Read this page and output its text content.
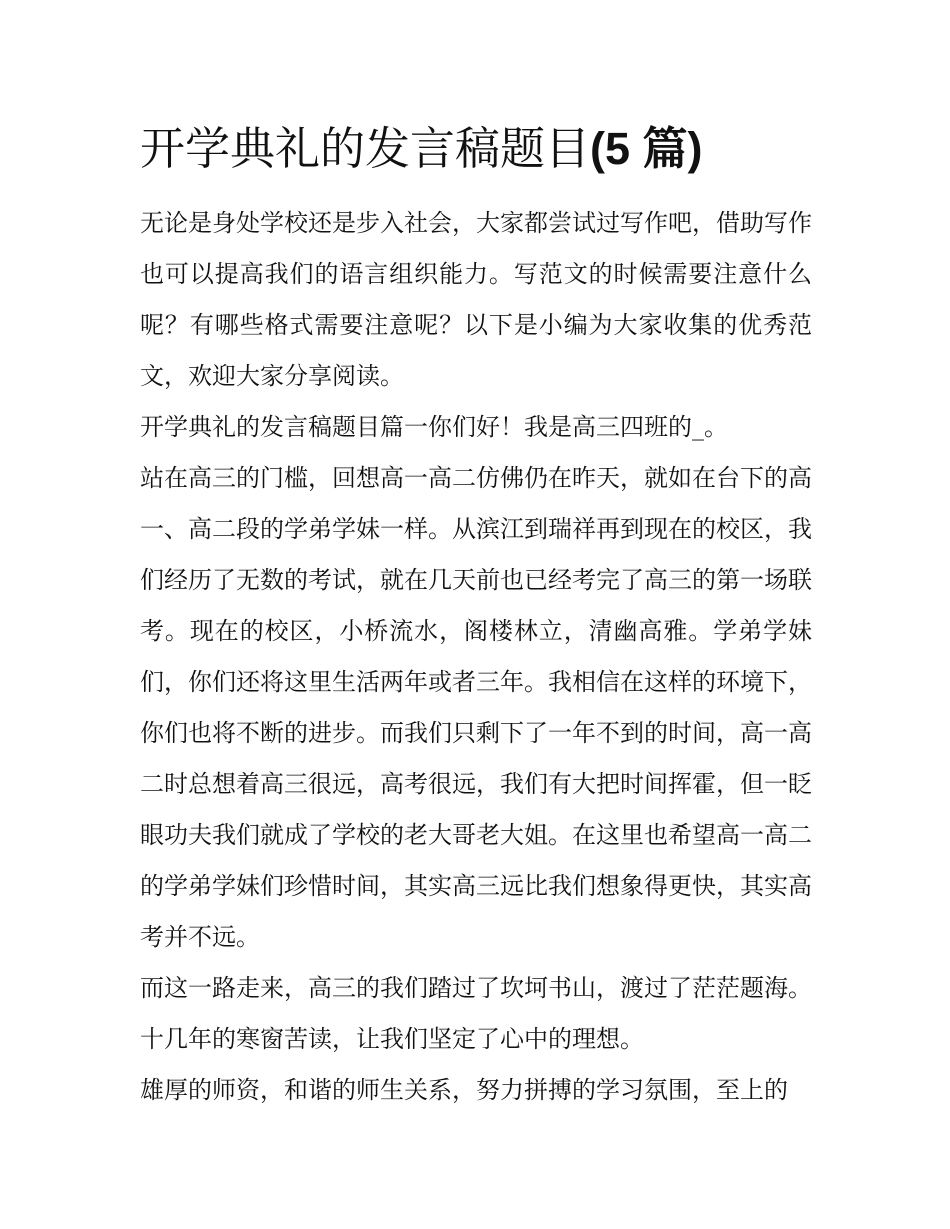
开学典礼的发言稿题目(5 篇)

无论是身处学校还是步入社会，大家都尝试过写作吧，借助写作也可以提高我们的语言组织能力。写范文的时候需要注意什么呢？有哪些格式需要注意呢？以下是小编为大家收集的优秀范文，欢迎大家分享阅读。

开学典礼的发言稿题目篇一你们好！我是高三四班的_。

站在高三的门槛，回想高一高二仿佛仍在昨天，就如在台下的高一、高二段的学弟学妹一样。从滨江到瑞祥再到现在的校区，我们经历了无数的考试，就在几天前也已经考完了高三的第一场联考。现在的校区，小桥流水，阁楼林立，清幽高雅。学弟学妹们，你们还将这里生活两年或者三年。我相信在这样的环境下，你们也将不断的进步。而我们只剩下了一年不到的时间，高一高二时总想着高三很远，高考很远，我们有大把时间挥霍，但一眨眼功夫我们就成了学校的老大哥老大姐。在这里也希望高一高二的学弟学妹们珍惜时间，其实高三远比我们想象得更快，其实高考并不远。

而这一路走来，高三的我们踏过了坎坷书山，渡过了茫茫题海。十几年的寒窗苦读，让我们坚定了心中的理想。

雄厚的师资，和谐的师生关系，努力拼搏的学习氛围，至上的
